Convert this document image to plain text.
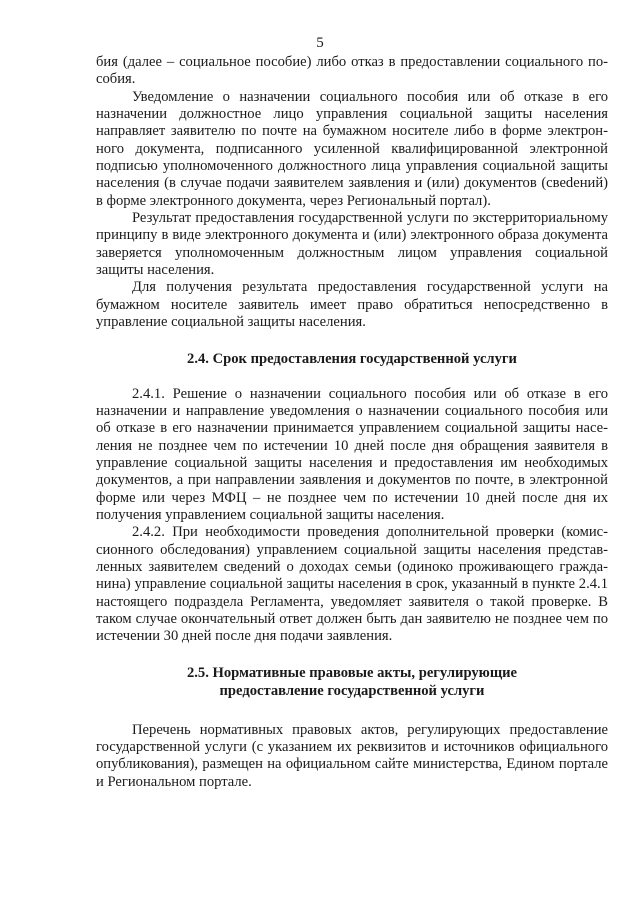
5

бия (далее – социальное пособие) либо отказ в предоставлении социального пособия.

Уведомление о назначении социального пособия или об отказе в его назначении должностное лицо управления социальной защиты населения направляет заявителю по почте на бумажном носителе либо в форме электронного документа, подписанного усиленной квалифицированной электронной подписью уполномоченного должностного лица управления социальной защиты населения (в случае подачи заявителем заявления и (или) документов (свеdений) в форме электронного документа, через Региональный портал).

Результат предоставления государственной услуги по экстерриториальному принципу в виде электронного документа и (или) электронного образа документа заверяется уполномоченным должностным лицом управления социальной защиты населения.

Для получения результата предоставления государственной услуги на бумажном носителе заявитель имеет право обратиться непосредственно в управление социальной защиты населения.

2.4. Срок предоставления государственной услуги

2.4.1. Решение о назначении социального пособия или об отказе в его назначении и направление уведомления о назначении социального пособия или об отказе в его назначении принимается управлением социальной защиты населения не позднее чем по истечении 10 дней после дня обращения заявителя в управление социальной защиты населения и предоставления им необходимых документов, а при направлении заявления и документов по почте, в электронной форме или через МФЦ – не позднее чем по истечении 10 дней после дня их получения управлением социальной защиты населения.

2.4.2. При необходимости проведения дополнительной проверки (комиссионного обследования) управлением социальной защиты населения представленных заявителем сведений о доходах семьи (одиноко проживающего гражданина) управление социальной защиты населения в срок, указанный в пункте 2.4.1 настоящего подраздела Регламента, уведомляет заявителя о такой проверке. В таком случае окончательный ответ должен быть дан заявителю не позднее чем по истечении 30 дней после дня подачи заявления.

2.5. Нормативные правовые акты, регулирующие
предоставление государственной услуги

Перечень нормативных правовых актов, регулирующих предоставление государственной услуги (с указанием их реквизитов и источников официального опубликования), размещен на официальном сайте министерства, Едином портале и Региональном портале.
